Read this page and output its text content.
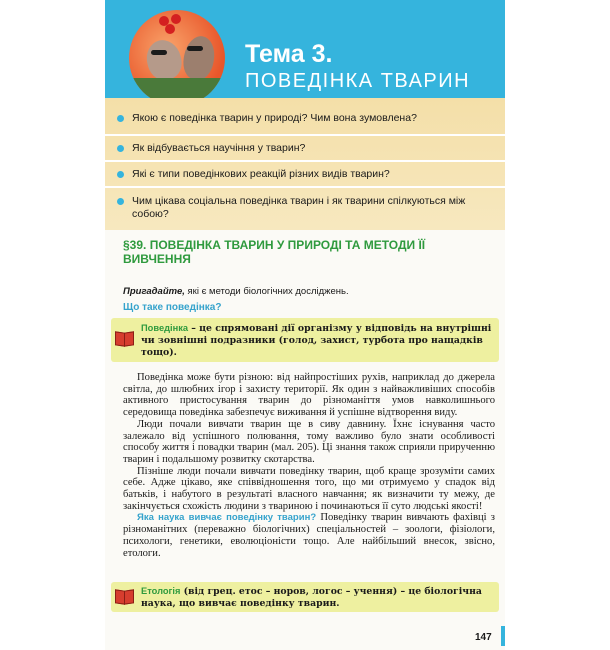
Тема 3.
ПОВЕДІНКА ТВАРИН
Якою є поведінка тварин у природі? Чим вона зумовлена?
Як відбувається научіння у тварин?
Які є типи поведінкових реакцій різних видів тварин?
Чим цікава соціальна поведінка тварин і як тварини спілкуються між собою?
§39. ПОВЕДІНКА ТВАРИН У ПРИРОДІ ТА МЕТОДИ ЇЇ ВИВЧЕННЯ
Пригадайте, які є методи біологічних досліджень.
Що таке поведінка?
Поведінка – це спрямовані дії організму у відповідь на внутрішні чи зовнішні подразники (голод, захист, турбота про нащадків тощо).

Поведінка може бути різною: від найпростіших рухів, наприклад до джерела світла, до шлюбних ігор і захисту території. Як один з найважливіших способів активного пристосування тварин до різноманіття умов навколишнього середовища поведінка забезпечує виживання й успішне відтворення виду.

Люди почали вивчати тварин ще в сиву давнину. Їхнє існування часто залежало від успішного полювання, тому важливо було знати особливості способу життя і повадки тварин (мал. 205). Ці знання також сприяли прирученню тварин і подальшому розвитку скотарства.

Пізніше люди почали вивчати поведінку тварин, щоб краще зрозуміти самих себе. Адже цікаво, яке співвідношення того, що ми отримуємо у спадок від батьків, і набутого в результаті власного навчання; як визначити ту межу, де закінчується схожість людини з твариною і починаються її суто людські якості!

Яка наука вивчає поведінку тварин? Поведінку тварин вивчають фахівці з різноманітних (переважно біологічних) спеціальностей – зоологи, фізіологи, психологи, генетики, еволюціоністи тощо. Але найбільший внесок, звісно, етологи.

Етологія (від грец. етос – норов, логос – учення) – це біологічна наука, що вивчає поведінку тварин.
147
